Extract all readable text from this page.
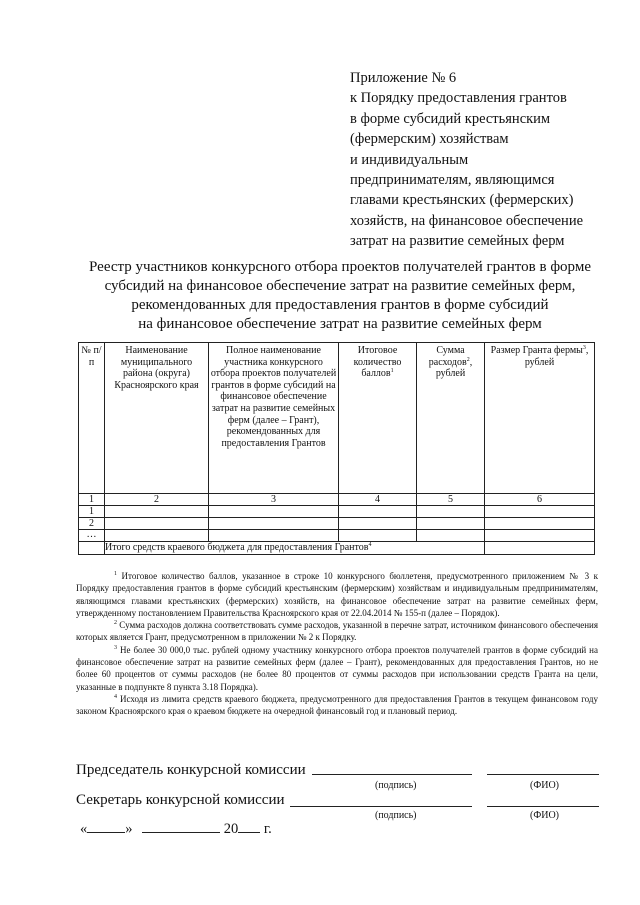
Приложение № 6
к Порядку предоставления грантов
в форме субсидий крестьянским
(фермерским) хозяйствам
и индивидуальным
предпринимателям, являющимся
главами крестьянских (фермерских)
хозяйств, на финансовое обеспечение
затрат на развитие семейных ферм
Реестр участников конкурсного отбора проектов получателей грантов в форме
субсидий на финансовое обеспечение затрат на развитие семейных ферм,
рекомендованных для предоставления грантов в форме субсидий
на финансовое обеспечение затрат на развитие семейных ферм
№ п/п	Наименование муниципального района (округа) Красноярского края	Полное наименование участника конкурсного отбора проектов получателей грантов в форме субсидий на финансовое обеспечение затрат на развитие семейных ферм (далее – Грант), рекомендованных для предоставления Грантов	Итоговое количество баллов$^1$	Сумма расходов$^2$, рублей	Размер Гранта фермы$^3$, рублей
1	2	3	4	5	6
1					
2					
…					
	Итого средств краевого бюджета для предоставления Грантов$^4$	

$^1$ Итоговое количество баллов, указанное в строке 10 конкурсного бюллетеня, предусмотренного приложением № 3 к Порядку предоставления грантов в форме субсидий крестьянским (фермерским) хозяйствам и индивидуальным предпринимателям, являющимся главами крестьянских (фермерских) хозяйств, на финансовое обеспечение затрат на развитие семейных ферм, утвержденному постановлением Правительства Красноярского края от 22.04.2014 № 155-п (далее – Порядок).

$^2$ Сумма расходов должна соответствовать сумме расходов, указанной в перечне затрат, источником финансового обеспечения которых является Грант, предусмотренном в приложении № 2 к Порядку.

$^3$ Не более 30 000,0 тыс. рублей одному участнику конкурсного отбора проектов получателей грантов в форме субсидий на финансовое обеспечение затрат на развитие семейных ферм (далее – Грант), рекомендованных для предоставления Грантов, но не более 60 процентов от суммы расходов (не более 80 процентов от суммы расходов при использовании средств Гранта на цели, указанные в подпункте 8 пункта 3.18 Порядка).

$^4$ Исходя из лимита средств краевого бюджета, предусмотренного для предоставления Грантов в текущем финансовом году законом Красноярского края о краевом бюджете на очередной финансовый год и плановый период.

Председатель конкурсной комиссии
(подпись)	(ФИО)
Секретарь конкурсной комиссии
(подпись)	(ФИО)
«	»	20 г.
